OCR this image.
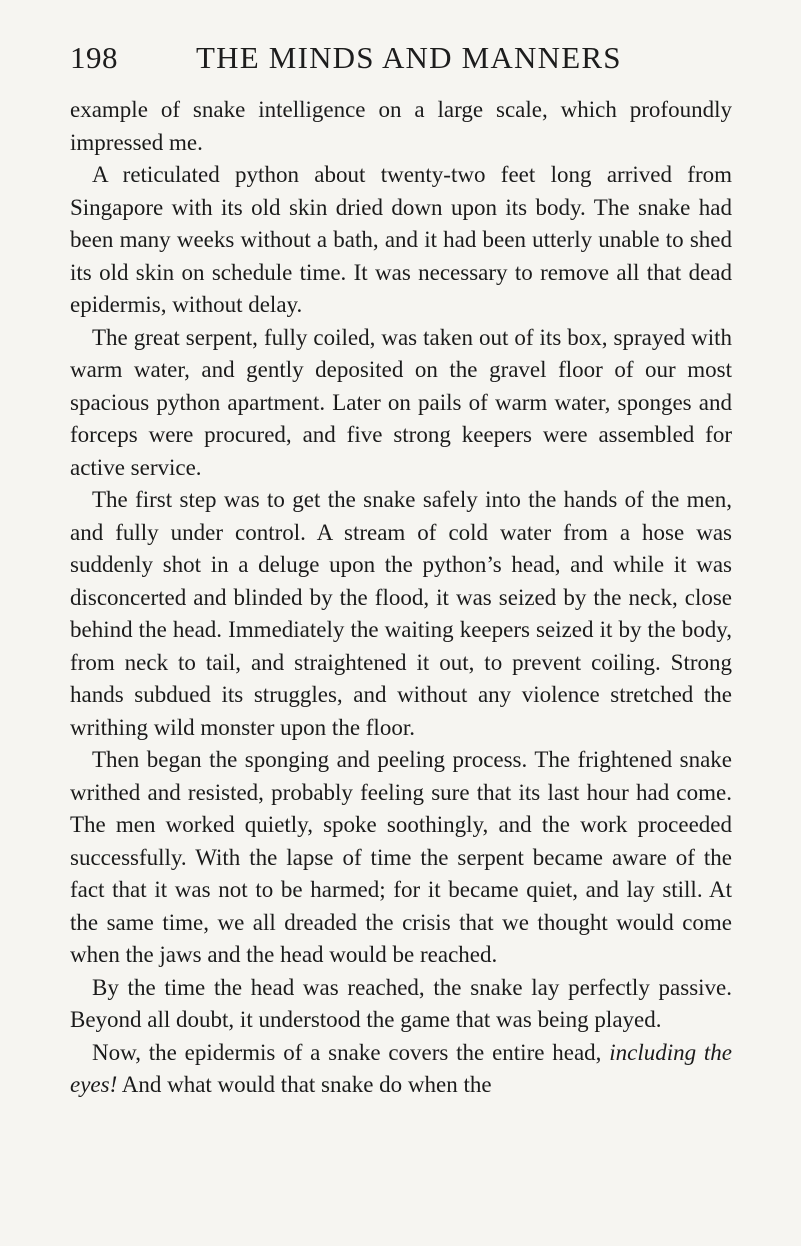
198	THE MINDS AND MANNERS

example of snake intelligence on a large scale, which profoundly impressed me.

A reticulated python about twenty-two feet long arrived from Singapore with its old skin dried down upon its body. The snake had been many weeks without a bath, and it had been utterly unable to shed its old skin on schedule time. It was necessary to remove all that dead epidermis, without delay.

The great serpent, fully coiled, was taken out of its box, sprayed with warm water, and gently deposited on the gravel floor of our most spacious python apartment. Later on pails of warm water, sponges and forceps were procured, and five strong keepers were assembled for active service.

The first step was to get the snake safely into the hands of the men, and fully under control. A stream of cold water from a hose was suddenly shot in a deluge upon the python’s head, and while it was disconcerted and blinded by the flood, it was seized by the neck, close behind the head. Immediately the waiting keepers seized it by the body, from neck to tail, and straightened it out, to prevent coiling. Strong hands subdued its struggles, and without any violence stretched the writhing wild monster upon the floor.

Then began the sponging and peeling process. The frightened snake writhed and resisted, probably feeling sure that its last hour had come. The men worked quietly, spoke soothingly, and the work proceeded successfully. With the lapse of time the serpent became aware of the fact that it was not to be harmed; for it became quiet, and lay still. At the same time, we all dreaded the crisis that we thought would come when the jaws and the head would be reached.

By the time the head was reached, the snake lay perfectly passive. Beyond all doubt, it understood the game that was being played.

Now, the epidermis of a snake covers the entire head, including the eyes! And what would that snake do when the
